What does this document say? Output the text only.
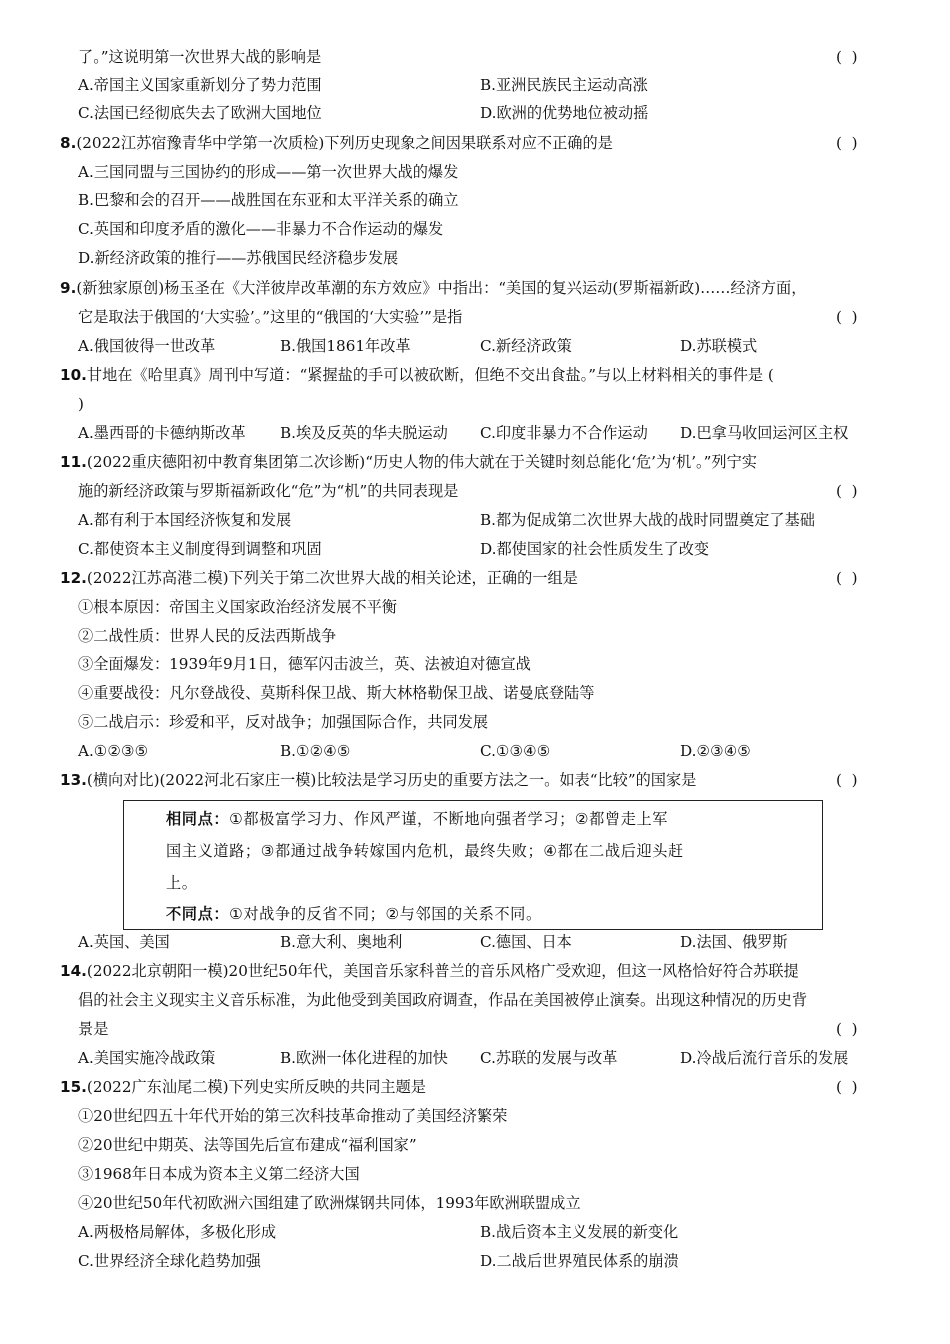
了。”这说明第一次世界大战的影响是	(  )
A.帝国主义国家重新划分了势力范围	B.亚洲民族民主运动高涨
C.法国已经彻底失去了欧洲大国地位	D.欧洲的优势地位被动摇
8.(2022江苏宿豫青华中学第一次质检)下列历史现象之间因果联系对应不正确的是	(  )
A.三国同盟与三国协约的形成——第一次世界大战的爆发
B.巴黎和会的召开——战胜国在东亚和太平洋关系的确立
C.英国和印度矛盾的激化——非暴力不合作运动的爆发
D.新经济政策的推行——苏俄国民经济稳步发展
9.(新独家原创)杨玉圣在《大洋彼岸改革潮的东方效应》中指出：“美国的复兴运动(罗斯福新政)……经济方面，
它是取法于俄国的‘大实验’。”这里的“俄国的‘大实验’”是指	(  )
A.俄国彼得一世改革	B.俄国1861年改革	C.新经济政策	D.苏联模式
10.甘地在《哈里真》周刊中写道：“紧握盐的手可以被砍断，但绝不交出食盐。”与以上材料相关的事件是 (
)
A.墨西哥的卡德纳斯改革 B.埃及反英的华夫脱运动 C.印度非暴力不合作运动 D.巴拿马收回运河区主权
11.(2022重庆德阳初中教育集团第二次诊断)“历史人物的伟大就在于关键时刻总能化‘危’为‘机’。”列宁实
施的新经济政策与罗斯福新政化“危”为“机”的共同表现是	(  )
A.都有利于本国经济恢复和发展	B.都为促成第二次世界大战的战时同盟奠定了基础
C.都使资本主义制度得到调整和巩固	D.都使国家的社会性质发生了改变
12.(2022江苏高港二模)下列关于第二次世界大战的相关论述，正确的一组是	(  )
①根本原因：帝国主义国家政治经济发展不平衡
②二战性质：世界人民的反法西斯战争
③全面爆发：1939年9月1日，德军闪击波兰，英、法被迫对德宣战
④重要战役：凡尔登战役、莫斯科保卫战、斯大林格勒保卫战、诺曼底登陆等
⑤二战启示：珍爱和平，反对战争；加强国际合作，共同发展
A.①②③⑤	B.①②④⑤	C.①③④⑤	D.②③④⑤
13.(横向对比)(2022河北石家庄一模)比较法是学习历史的重要方法之一。如表“比较”的国家是	(  )
相同点：①都极富学习力、作风严谨，不断地向强者学习；②都曾走上军
国主义道路；③都通过战争转嫁国内危机，最终失败；④都在二战后迎头赶
上。
不同点：①对战争的反省不同；②与邻国的关系不同。
A.英国、美国	B.意大利、奥地利	C.德国、日本	D.法国、俄罗斯
14.(2022北京朝阳一模)20世纪50年代，美国音乐家科普兰的音乐风格广受欢迎，但这一风格恰好符合苏联提
倡的社会主义现实主义音乐标准，为此他受到美国政府调查，作品在美国被停止演奏。出现这种情况的历史背
景是	(  )
A.美国实施冷战政策	B.欧洲一体化进程的加快 C.苏联的发展与改革	D.冷战后流行音乐的发展
15.(2022广东汕尾二模)下列史实所反映的共同主题是	(  )
①20世纪四五十年代开始的第三次科技革命推动了美国经济繁荣
②20世纪中期英、法等国先后宣布建成“福利国家”
③1968年日本成为资本主义第二经济大国
④20世纪50年代初欧洲六国组建了欧洲煤钢共同体，1993年欧洲联盟成立
A.两极格局解体，多极化形成	B.战后资本主义发展的新变化
C.世界经济全球化趋势加强	D.二战后世界殖民体系的崩溃
